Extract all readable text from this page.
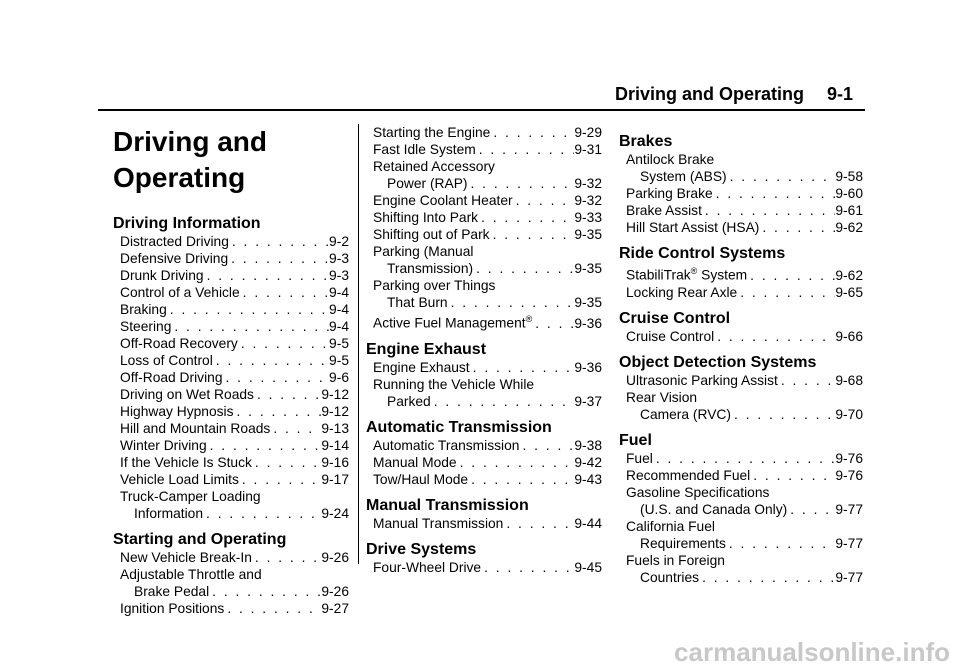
Driving and Operating 9-1
Driving and
Operating
Driving Information
Distracted Driving . . .	9-2
Defensive Driving . . .	9-3
Drunk Driving . . .	9-3
Control of a Vehicle . . .	9-4
Braking . . .	9-4
Steering . . .	9-4
Off-Road Recovery . . .	9-5
Loss of Control . . .	9-5
Off-Road Driving . . .	9-6
Driving on Wet Roads . . .	9-12
Highway Hypnosis . . .	9-12
Hill and Mountain Roads . . .	9-13
Winter Driving . . .	9-14
If the Vehicle Is Stuck . . .	9-16
Vehicle Load Limits . . .	9-17
Truck-Camper Loading
Information . . .	9-24
Starting and Operating
New Vehicle Break-In . . .	9-26
Adjustable Throttle and
Brake Pedal . . .	9-26
Ignition Positions . . .	9-27
Starting the Engine . . .	9-29
Fast Idle System . . .	9-31
Retained Accessory
Power (RAP) . . .	9-32
Engine Coolant Heater . . .	9-32
Shifting Into Park . . .	9-33
Shifting out of Park . . .	9-35
Parking (Manual
Transmission) . . .	9-35
Parking over Things
That Burn . . .	9-35
Active Fuel Management® . . .	9-36
Engine Exhaust
Engine Exhaust . . .	9-36
Running the Vehicle While
Parked . . .	9-37
Automatic Transmission
Automatic Transmission . . .	9-38
Manual Mode . . .	9-42
Tow/Haul Mode . . .	9-43
Manual Transmission
Manual Transmission . . .	9-44
Drive Systems
Four-Wheel Drive . . .	9-45
Brakes
Antilock Brake
System (ABS) . . .	9-58
Parking Brake . . .	9-60
Brake Assist . . .	9-61
Hill Start Assist (HSA) . . .	9-62
Ride Control Systems
StabiliTrak® System . . .	9-62
Locking Rear Axle . . .	9-65
Cruise Control
Cruise Control . . .	9-66
Object Detection Systems
Ultrasonic Parking Assist . . .	9-68
Rear Vision
Camera (RVC) . . .	9-70
Fuel
Fuel . . .	9-76
Recommended Fuel . . .	9-76
Gasoline Specifications
(U.S. and Canada Only) . . .	9-77
California Fuel
Requirements . . .	9-77
Fuels in Foreign
Countries . . .	9-77
carmanualsonline.info
